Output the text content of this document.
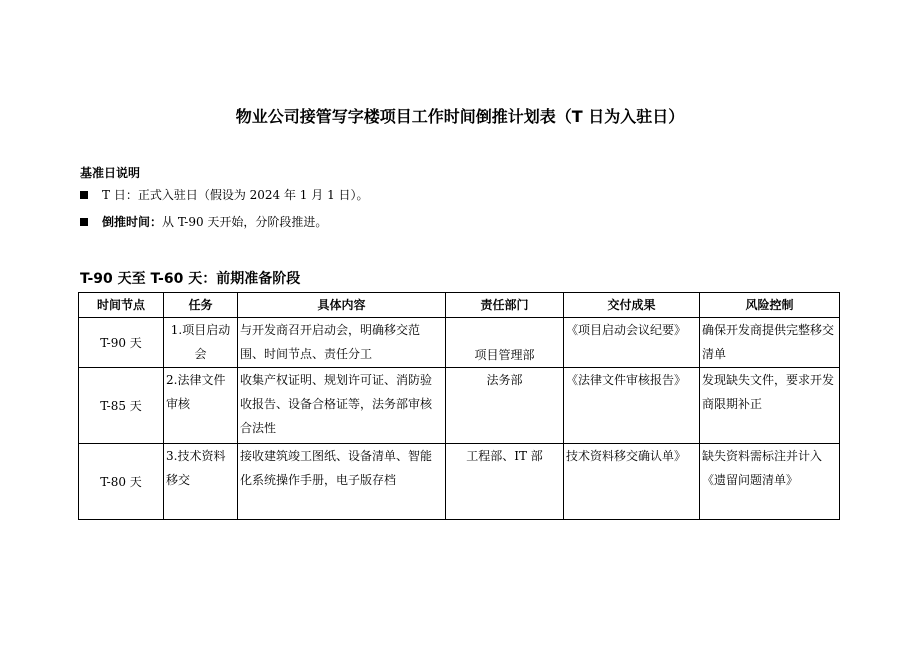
物业公司接管写字楼项目工作时间倒推计划表（T 日为入驻日）
基准日说明
T 日： 正式入驻日（假设为 2024 年 1 月 1 日）。
倒推时间： 从 T-90 天开始，分阶段推进。
T-90 天至 T-60 天：前期准备阶段
时间节点	任务	具体内容	责任部门	交付成果	风险控制
T-90 天	1.项目启动会	与开发商召开启动会，明确移交范围、时间节点、责任分工	项目管理部	《项目启动会议纪要》	确保开发商提供完整移交清单
T-85 天	2.法律文件审核	收集产权证明、规划许可证、消防验收报告、设备合格证等，法务部审核合法性	法务部	《法律文件审核报告》	发现缺失文件，要求开发商限期补正
T-80 天	3.技术资料移交	接收建筑竣工图纸、设备清单、智能化系统操作手册，电子版存档	工程部、IT 部	技术资料移交确认单》	缺失资料需标注并计入《遗留问题清单》
